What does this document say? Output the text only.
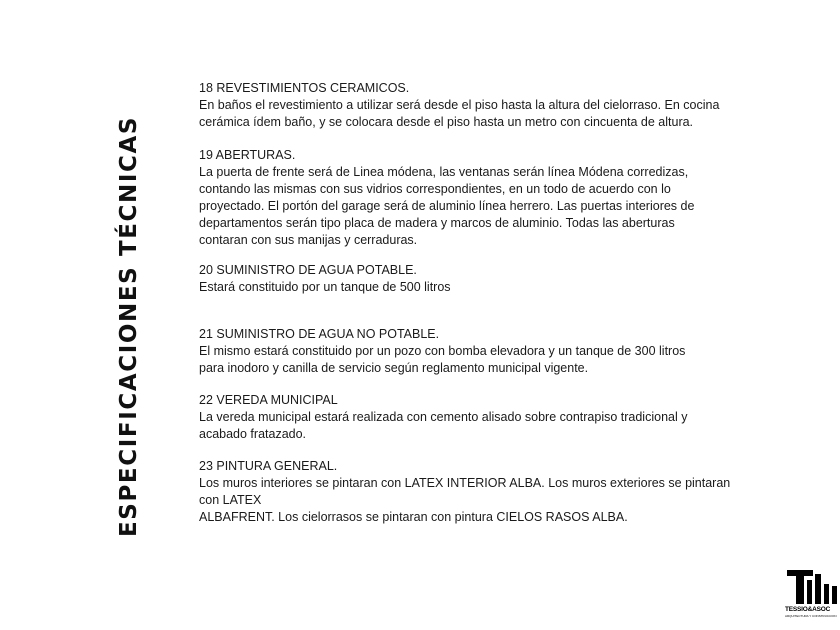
ESPECIFICACIONES TÉCNICAS

18 REVESTIMIENTOS CERAMICOS.

En baños el revestimiento a utilizar será desde el piso hasta la altura del cielorraso. En cocina

cerámica ídem baño, y se colocara desde el piso hasta un metro con cincuenta de altura.

19 ABERTURAS.

La puerta de frente será de Linea módena, las ventanas serán línea Módena corredizas,

contando las mismas con sus vidrios correspondientes, en un todo de acuerdo con lo

proyectado. El portón del garage será de aluminio línea herrero. Las puertas interiores de

departamentos serán tipo placa de madera y marcos de aluminio. Todas las aberturas

contaran con sus manijas y cerraduras.

20 SUMINISTRO DE AGUA POTABLE.

Estará constituido por un tanque de 500 litros

21 SUMINISTRO DE AGUA NO POTABLE.

El mismo estará constituido por un pozo con bomba elevadora y un tanque de 300 litros

para inodoro y canilla de servicio según reglamento municipal vigente.

22 VEREDA MUNICIPAL

La vereda municipal estará realizada con cemento alisado sobre contrapiso tradicional y

acabado fratazado.

23 PINTURA GENERAL.

Los muros interiores se pintaran con LATEX INTERIOR ALBA. Los muros exteriores se pintaran

con LATEX

ALBAFRENT. Los cielorrasos se pintaran con pintura CIELOS RASOS ALBA.

TESSIO&ASOC
ARQUITECTURA Y CONSTRUCCION
